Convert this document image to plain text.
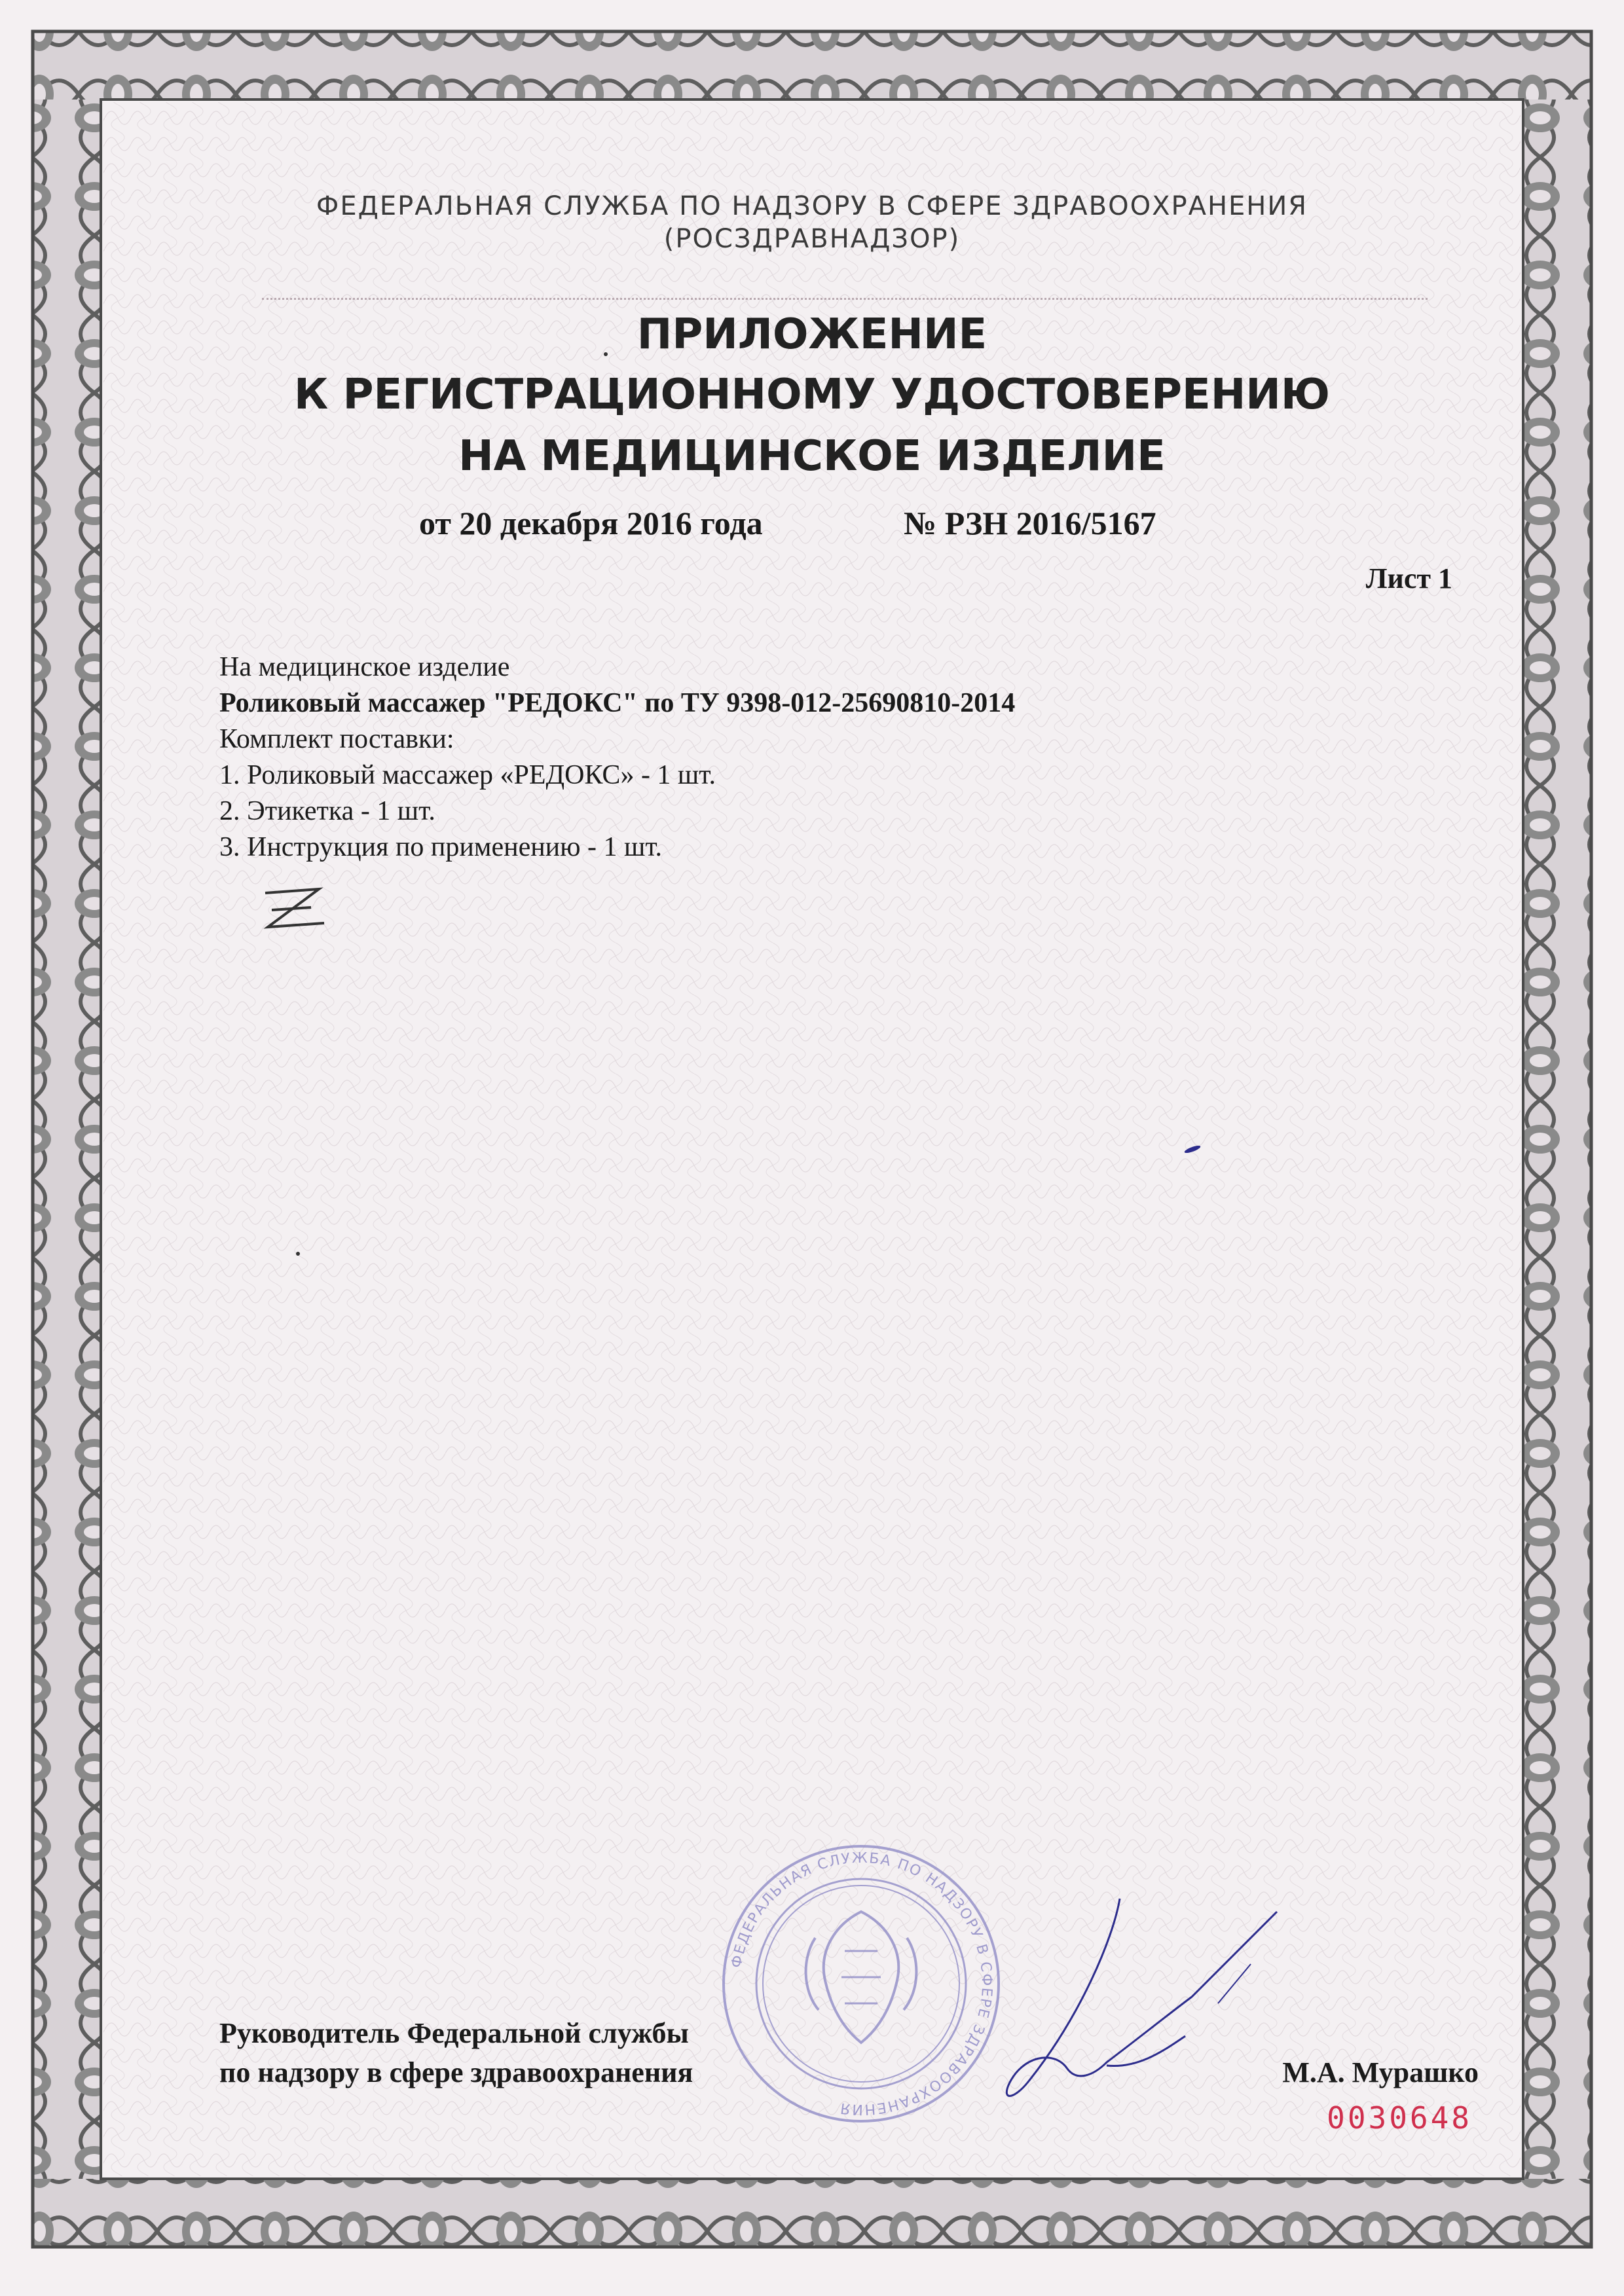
ФЕДЕРАЛЬНАЯ СЛУЖБА ПО НАДЗОРУ В СФЕРЕ ЗДРАВООХРАНЕНИЯ
(РОСЗДРАВНАДЗОР)
ПРИЛОЖЕНИЕ
К РЕГИСТРАЦИОННОМУ УДОСТОВЕРЕНИЮ
НА МЕДИЦИНСКОЕ ИЗДЕЛИЕ
от 20 декабря 2016 года	№ РЗН 2016/5167
Лист 1
На медицинское изделие
Роликовый массажер "РЕДОКС" по ТУ 9398-012-25690810-2014
Комплект поставки:
1. Роликовый массажер «РЕДОКС» - 1 шт.
2. Этикетка - 1 шт.
3. Инструкция по применению - 1 шт.
ФЕДЕРАЛЬНАЯ СЛУЖБА ПО НАДЗОРУ В СФЕРЕ ЗДРАВООХРАНЕНИЯ
Руководитель Федеральной службы
по надзору в сфере здравоохранения	М.А. Мурашко
0030648
